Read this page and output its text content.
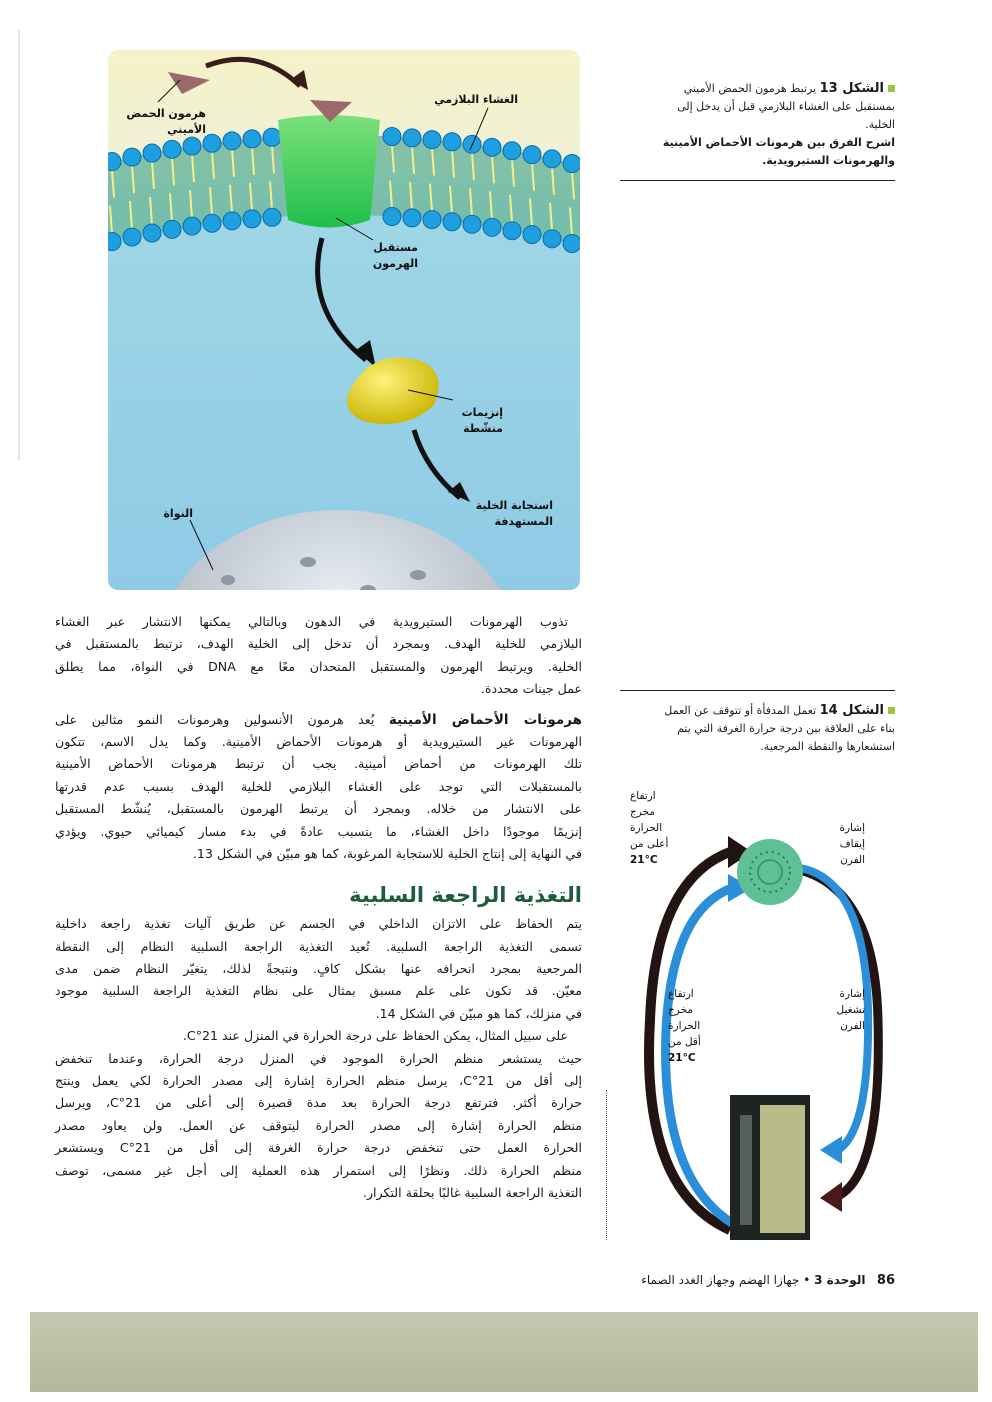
هرمون الحمض
الأميني
الغشاء البلازمي
مستقبل
الهرمون
إنزيمات
منشّطة
استجابة الخلية
المستهدفة
النواة
الشكل 13 يرتبط هرمون الحمض الأميني
بمستقبل على الغشاء البلازمي قبل أن يدخل إلى
الخلية.
اشرح الفرق بين هرمونات الأحماض الأمينية
والهرمونات الستيرويدية.
الشكل 14 تعمل المدفأة أو تتوقف عن العمل
بناء على العلاقة بين درجة حرارة الغرفة التي يتم
استشعارها والنقطة المرجعية.
ارتفاع
مخرج
الحرارة
أعلى من
21°C
إشارة
إيقاف
الفرن
ارتفاع
مخرج
الحرارة
أقل من
21°C
إشارة
تشغيل
الفرن
تذوب الهرمونات الستيرويدية في الدهون وبالتالي يمكنها الانتشار عبر الغشاء
البلازمي للخلية الهدف. وبمجرد أن تدخل إلى الخلية الهدف، ترتبط بالمستقبل في
الخلية. ويرتبط الهرمون والمستقبل المتحدان معًا مع DNA في النواة، مما يطلق
عمل جينات محددة.
هرمونات الأحماض الأمينية يُعد هرمون الأنسولين وهرمونات النمو مثالين على
الهرمونات غير الستيرويدية أو هرمونات الأحماض الأمينية. وكما يدل الاسم، تتكون
تلك الهرمونات من أحماض أمينية. يجب أن ترتبط هرمونات الأحماض الأمينية
بالمستقبلات التي توجد على الغشاء البلازمي للخلية الهدف بسبب عدم قدرتها
على الانتشار من خلاله. وبمجرد أن يرتبط الهرمون بالمستقبل، يُنشّط المستقبل
إنزيمًا موجودًا داخل الغشاء، ما يتسبب عادةً في بدء مسار كيميائي حيوي. ويؤدي
في النهاية إلى إنتاج الخلية للاستجابة المرغوبة، كما هو مبيّن في الشكل 13.
التغذية الراجعة السلبية
يتم الحفاظ على الاتزان الداخلي في الجسم عن طريق آليات تغذية راجعة داخلية
تسمى التغذية الراجعة السلبية. تُعيد التغذية الراجعة السلبية النظام إلى النقطة
المرجعية بمجرد انحرافه عنها بشكل كافٍ. ونتيجةً لذلك، يتغيّر النظام ضمن مدى
معيّن. قد تكون على علم مسبق بمثال على نظام التغذية الراجعة السلبية موجود
في منزلك، كما هو مبيّن في الشكل 14.
على سبيل المثال، يمكن الحفاظ على درجة الحرارة في المنزل عند 21°C.
حيث يستشعر منظم الحرارة الموجود في المنزل درجة الحرارة، وعندما تنخفض
إلى أقل من 21°C، يرسل منظم الحرارة إشارة إلى مصدر الحرارة لكي يعمل وينتج
حرارة أكثر. فترتفع درجة الحرارة بعد مدة قصيرة إلى أعلى من 21°C، ويرسل
منظم الحرارة إشارة إلى مصدر الحرارة ليتوقف عن العمل. ولن يعاود مصدر
الحرارة العمل حتى تنخفض درجة حرارة الغرفة إلى أقل من 21°C ويستشعر
منظم الحرارة ذلك. ونظرًا إلى استمرار هذه العملية إلى أجل غير مسمى، توصف
التغذية الراجعة السلبية غالبًا بحلقة التكرار.
86   الوحدة 3 • جهازا الهضم وجهاز الغدد الصماء
